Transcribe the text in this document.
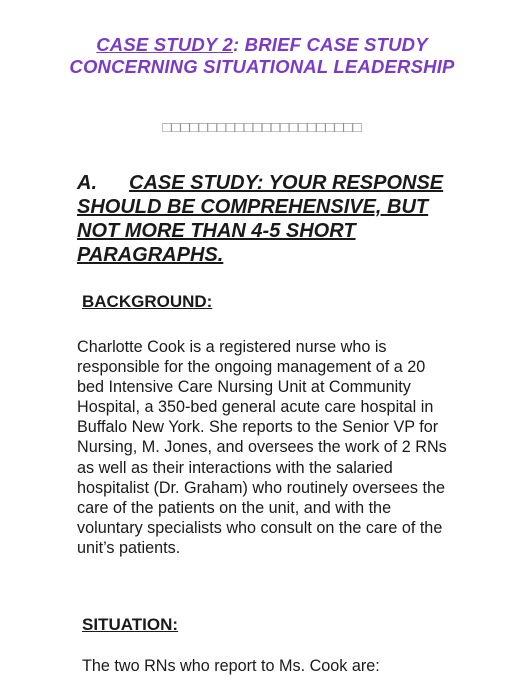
CASE STUDY 2: BRIEF CASE STUDY CONCERNING SITUATIONAL LEADERSHIP
□□□□□□□□□□□□□□□□□□□□□□
A. CASE STUDY: YOUR RESPONSE SHOULD BE COMPREHENSIVE, BUT NOT MORE THAN 4-5 SHORT PARAGRAPHS.
BACKGROUND:
Charlotte Cook is a registered nurse who is responsible for the ongoing management of a 20 bed Intensive Care Nursing Unit at Community Hospital, a 350-bed general acute care hospital in Buffalo New York. She reports to the Senior VP for Nursing, M. Jones, and oversees the work of 2 RNs as well as their interactions with the salaried hospitalist (Dr. Graham) who routinely oversees the care of the patients on the unit, and with the voluntary specialists who consult on the care of the unit’s patients.
SITUATION:
The two RNs who report to Ms. Cook are:
